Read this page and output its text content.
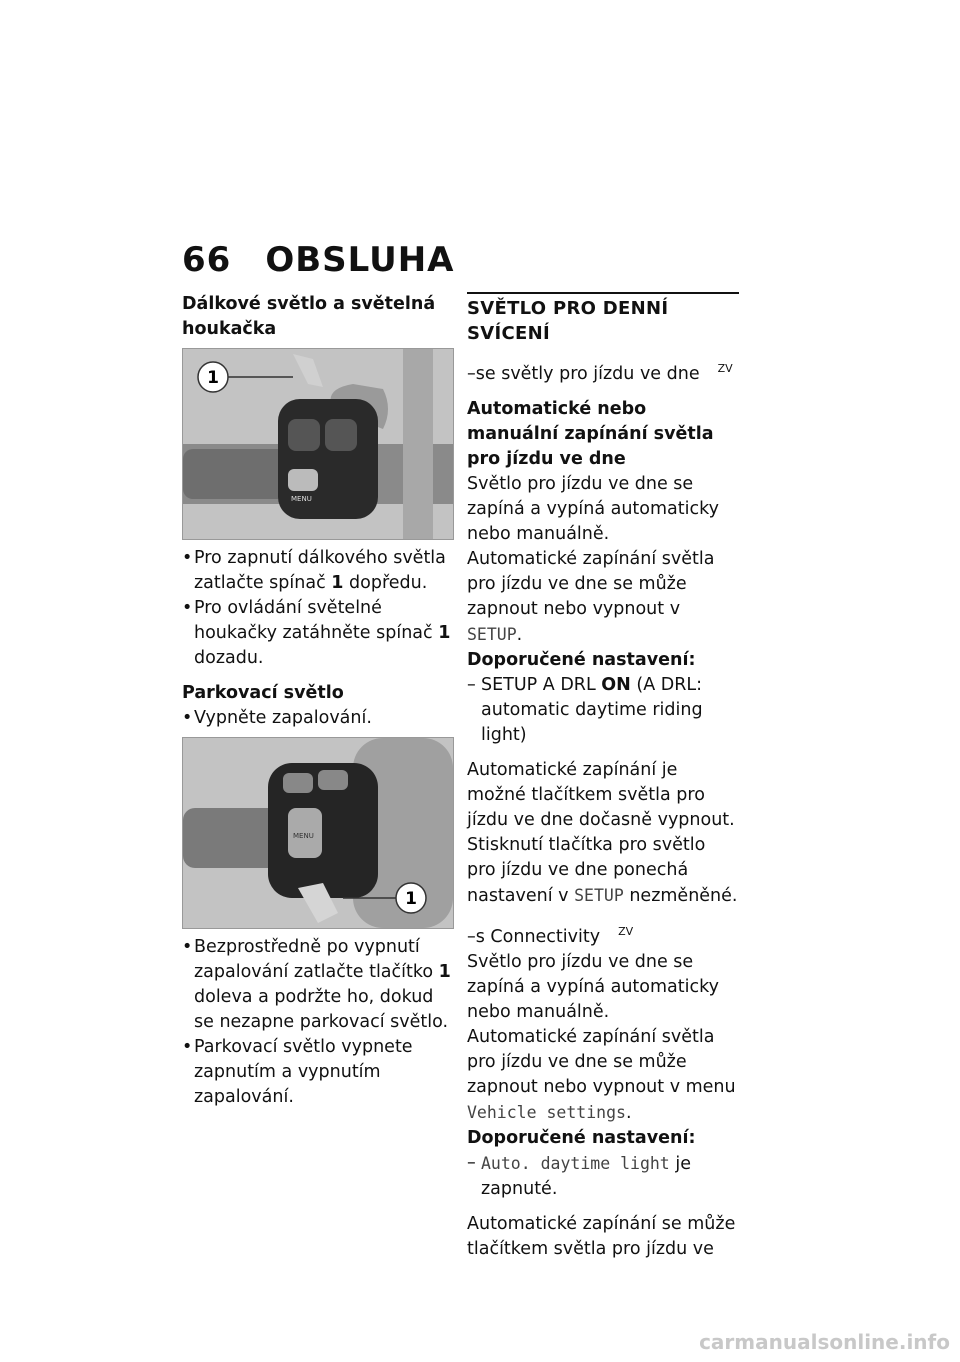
66 OBSLUHA
Dálkové světlo a světelná houkačka
MENU
1

• Pro zapnutí dálkového světla zatlačte spínač 1 dopředu.

• Pro ovládání světelné houkačky zatáhněte spínač 1 dozadu.

Parkovací světlo

• Vypněte zapalování.

MENU
1

• Bezprostředně po vypnutí zapalování zatlačte tlačítko 1 doleva a podržte ho, dokud se nezapne parkovací světlo.

• Parkovací světlo vypnete zapnutím a vypnutím zapalování.

SVĚTLO PRO DENNÍ SVÍCENÍ

–se světly pro jízdu ve dne $^{ZV}$

Automatické nebo manuální zapínání světla pro jízdu ve dne

Světlo pro jízdu ve dne se zapíná a vypíná automaticky nebo manuálně.

Automatické zapínání světla pro jízdu ve dne se může zapnout nebo vypnout v SETUP.

Doporučené nastavení:

– SETUP A DRL ON (A DRL: automatic daytime riding light)

Automatické zapínání je možné tlačítkem světla pro jízdu ve dne dočasně vypnout. Stisknutí tlačítka pro světlo pro jízdu ve dne ponechá nastavení v SETUP nezměněné.

–s Connectivity $^{ZV}$

Světlo pro jízdu ve dne se zapíná a vypíná automaticky nebo manuálně.

Automatické zapínání světla pro jízdu ve dne se může zapnout nebo vypnout v menu Vehicle settings.

Doporučené nastavení:

– Auto. daytime light je zapnuté.

Automatické zapínání se může tlačítkem světla pro jízdu ve

carmanualsonline.info
